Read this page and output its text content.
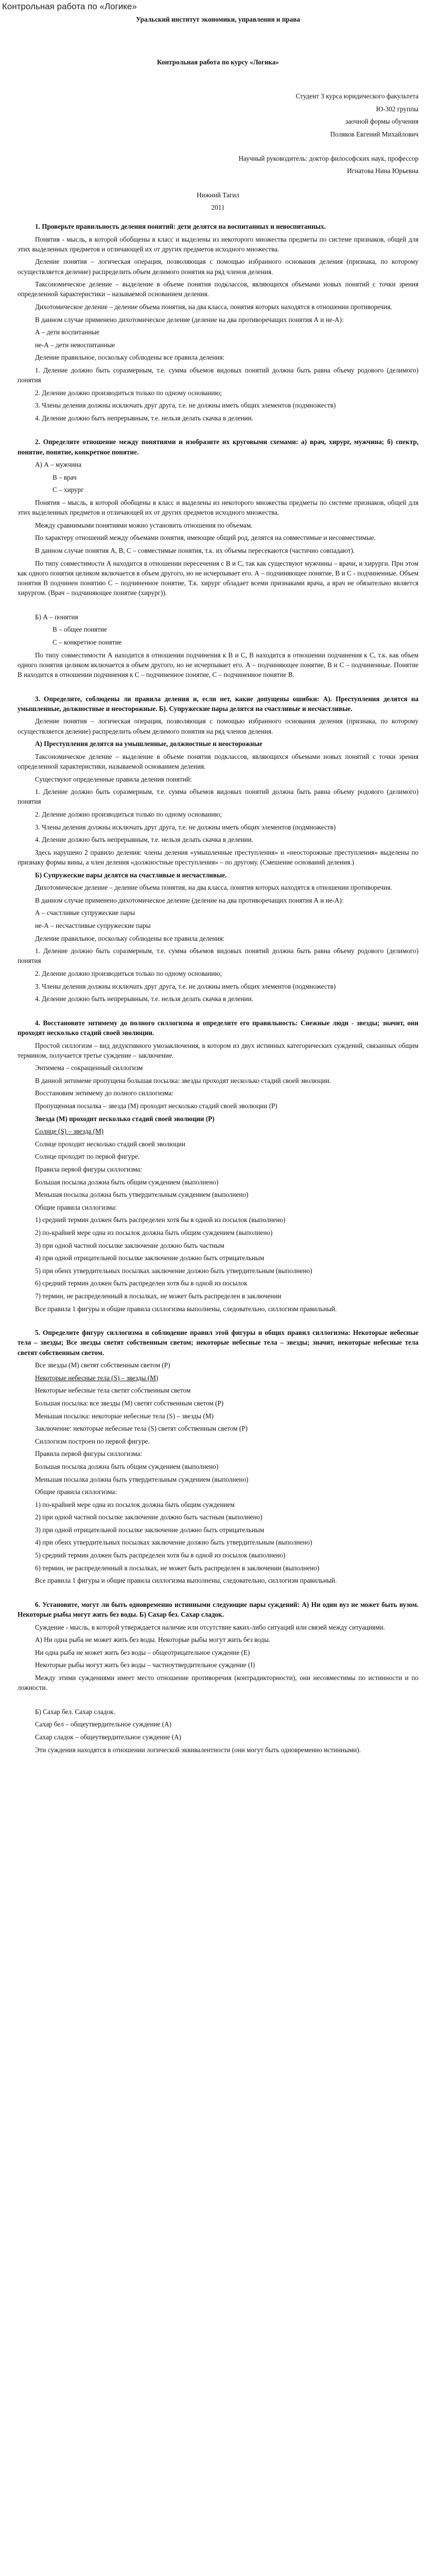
Контрольная работа по «Логике»

Уральский институт экономики, управления и права

Контрольная работа по курсу «Логика»

Студент 3 курса юридического факультета

Ю-302 группы

заочной формы обучения

Поляков Евгений Михайлович

Научный руководитель: доктор философских наук, профессор

Игнатова Нина Юрьевна

Нижний Тагил

2011

1. Проверьте правильность деления понятий: дети делятся на воспитанных и невоспитанных.

Понятия - мысль, в которой обобщены в класс и выделены из некоторого множества предметы по системе признаков, общей для этих выделенных предметов и отличающей их от других предметов исходного множества.

Деление понятия – логическая операция, позволяющая с помощью избранного основания деления (признака, по которому осуществляется деление) распределить объем делимого понятия на ряд членов деления.

Таксономическое деление – выделение в объеме понятия подклассов, являющихся объемами новых понятий с точки зрения определенной характеристики – называемой основанием деления.

Дихотомическое деление – деление объема понятия, на два класса, понятия которых находятся в отношении противоречия.

В данном случае применено дихотомическое деление (деление на два противоречащих понятия А и не-А):

А – дети воспитанные

не-А – дети невоспитанные

Деление правильное, поскольку соблюдены все правила деления:

1. Деление должно быть соразмерным, т.е. сумма объемов видовых понятий должна быть равна объему родового (делимого) понятия

2. Деление должно производиться только по одному основанию;

3. Члены деления должны исключать друг друга, т.е. не должны иметь общих элементов (подмножеств)

4. Деление должно быть непрерывным, т.е. нельзя делать скачка в делении.

2. Определите отношение между понятиями и изобразите их круговыми схемами: а) врач, хирург, мужчина; б) спектр, понятие, понятие, конкретное понятие.

А) А – мужчина

В – врач

С – хирург

Понятия – мысль, в которой обобщены в класс и выделены из некоторого множества предметы по системе признаков, общей для этих выделенных предметов и отличающей их от других предметов исходного множества.

Между сравнимыми понятиями можно установить отношения по объемам.

По характеру отношений между объемами понятия, имеющие общий род, делятся на совместимые и несовместимые.

В данном случае понятия А, В, С – совместимые понятия, т.к. их объемы пересекаются (частично совпадают).

По типу совместимости А находится в отношении пересечения с В и С, так как существуют мужчины – врачи, и хирурги. При этом как одного понятия целиком включается в объем другого, но не исчерпывает его. А – подчиняющее понятие, В и С - подчиненные. Объем понятия В подчинен понятию С – подчиненное понятие, Т.к. хирург обладает всеми признаками врача, а врач не обязательно является хирургом. (Врач – подчиняющее понятие (хирург)).

Б) А – понятия

В – общее понятие

С – конкретное понятие

По типу совместимости А находится в отношении подчинения к В и С, В находится в отношении подчинения к С, т.к. как объем одного понятия целиком включается в объем другого, но не исчерпывает его. А – подчиняющее понятие, В и С – подчиненные. Понятие В находится в отношении подчинения к С – подчиненное понятие, С – подчиненное понятие В.

3. Определите, соблюдены ли правила деления и, если нет, какие допущены ошибки: А). Преступления делятся на умышленные, должностные и неосторожные. Б). Супружеские пары делятся на счастливые и несчастливые.

Деление понятия – логическая операция, позволяющая с помощью избранного основания деления (признака, по которому осуществляется деление) распределить объем делимого понятия на ряд членов деления.

А) Преступления делятся на умышленные, должностные и неосторожные

Таксономическое деление – выделение в объеме понятия подклассов, являющихся объемами новых понятий с точки зрения определенной характеристики, называемой основанием деления.

Существуют определенные правила деления понятий:

1. Деление должно быть соразмерным, т.е. сумма объемов видовых понятий должна быть равна объему родового (делимого) понятия

2. Деление должно производиться только по одному основанию;

3. Члены деления должны исключать друг друга, т.е. не должны иметь общих элементов (подмножеств)

4. Деление должно быть непрерывным, т.е. нельзя делать скачка в делении.

Здесь нарушено 2 правило деления: члены деления «умышленные преступления» и «неосторожные преступления» выделены по признаку формы вины, а член деления «должностные преступления» – по другому. (Смешение оснований деления.)

Б) Супружеские пары делятся на счастливые и несчастливые.

Дихотомическое деление – деление объема понятия, на два класса, понятия которых находятся в отношении противоречия.

В данном случае применено дихотомическое деление (деление на два противоречащих понятия А и не-А):

А – счастливые супружеские пары

не-А – несчастливые супружеские пары

Деление правильное, поскольку соблюдены все правила деления:

1. Деление должно быть соразмерным, т.е. сумма объемов видовых понятий должна быть равна объему родового (делимого) понятия

2. Деление должно производиться только по одному основанию;

3. Члены деления должны исключать друг друга, т.е. не должны иметь общих элементов (подмножеств)

4. Деление должно быть непрерывным, т.е. нельзя делать скачка в делении.

4. Восстановите энтимему до полного силлогизма и определите его правильность: Снежные люди - звезды; значит, они проходят несколько стадий своей эволюции.

Простой силлогизм – вид дедуктивного умозаключения, в котором из двух истинных категорических суждений, связанных общим термином, получается третье суждение – заключение.

Энтимема – сокращенный силлогизм

В данной энтимеме пропущена большая посылка: звезды проходят несколько стадий своей эволюции.

Восстановим энтимему до полного силлогизма:

Пропущенная посылка – звезда (М) проходит несколько стадий своей эволюции (Р)

Звезда (М) проходит несколько стадий своей эволюции (Р)

Солнце (S) – звезда (М)

Солнце проходит несколько стадий своей эволюции

Солнце проходит по первой фигуре.

Правила первой фигуры силлогизма:

Большая посылка должна быть общим суждением (выполнено)

Меньшая посылка должна быть утвердительным суждением (выполнено)

Общие правила силлогизма:

1) средний термин должен быть распределен хотя бы в одной из посылок (выполнено)

2) по-крайней мере одна из посылок должна быть общим суждением (выполнено)

3) при одной частной посылке заключение должно быть частным

4) при одной отрицательной посылке заключение должно быть отрицательным

5) при обеих утвердительных посылках заключение должно быть утвердительным (выполнено)

6) средний термин должен быть распределен хотя бы в одной из посылок

7) термин, не распределенный в посылках, не может быть распределен в заключении

Все правила 1 фигуры и общие правила силлогизма выполнены, следовательно, силлогизм правильный.

5. Определите фигуру силлогизма и соблюдение правил этой фигуры и общих правил силлогизма: Некоторые небесные тела – звезды; Все звезды светят собственным светом; некоторые небесные тела – звезды; значит, некоторые небесные тела светят собственным светом.

Все звезды (М) светят собственным светом (Р)

Некоторые небесные тела (S) – звезды (М)

Некоторые небесные тела светят собственным светом

Большая посылка: все звезды (М) светят собственным светом (Р)

Меньшая посылка: некоторые небесные тела (S) – звезды (М)

Заключение: некоторые небесные тела (S) светят собственным светом (Р)

Силлогизм построен по первой фигуре.

Правила первой фигуры силлогизма:

Большая посылка должна быть общим суждением (выполнено)

Меньшая посылка должна быть утвердительным суждением (выполнено)

Общие правила силлогизма:

1) по-крайней мере одна из посылок должна быть общим суждением

2) при одной частной посылке заключение должно быть частным (выполнено)

3) при одной отрицательной посылке заключение должно быть отрицательным

4) при обеих утвердительных посылках заключение должно быть утвердительным (выполнено)

5) средний термин должен быть распределен хотя бы в одной из посылок (выполнено)

6) термин, не распределенный в посылках, не может быть распределен в заключении (выполнено)

Все правила 1 фигуры и общие правила силлогизма выполнены, следовательно, силлогизм правильный.

6. Установите, могут ли быть одновременно истинными следующие пары суждений: А) Ни один вуз не может быть вузом. Некоторые рыбы могут жить без воды. Б) Сахар без. Сахар сладок.

Суждение - мысль, в которой утверждается наличие или отсутствие каких-либо ситуаций или связей между ситуациями.

А) Ни одна рыба не может жить без воды. Некоторые рыбы могут жить без воды.

Ни одна рыба не может жить без воды – общеотрицательное суждение (Е)

Некоторые рыбы могут жить без воды – частноутвердительное суждение (I)

Между этими суждениями имеет место отношение противоречия (контрадикторности), они несовместимы по истинности и по ложности.

Б) Сахар бел. Сахар сладок.

Сахар бел – общеутвердительное суждение (А)

Сахар сладок – общеутвердительное суждение (А)

Эти суждения находятся в отношении логической эквивалентности (они могут быть одновременно истинными).
